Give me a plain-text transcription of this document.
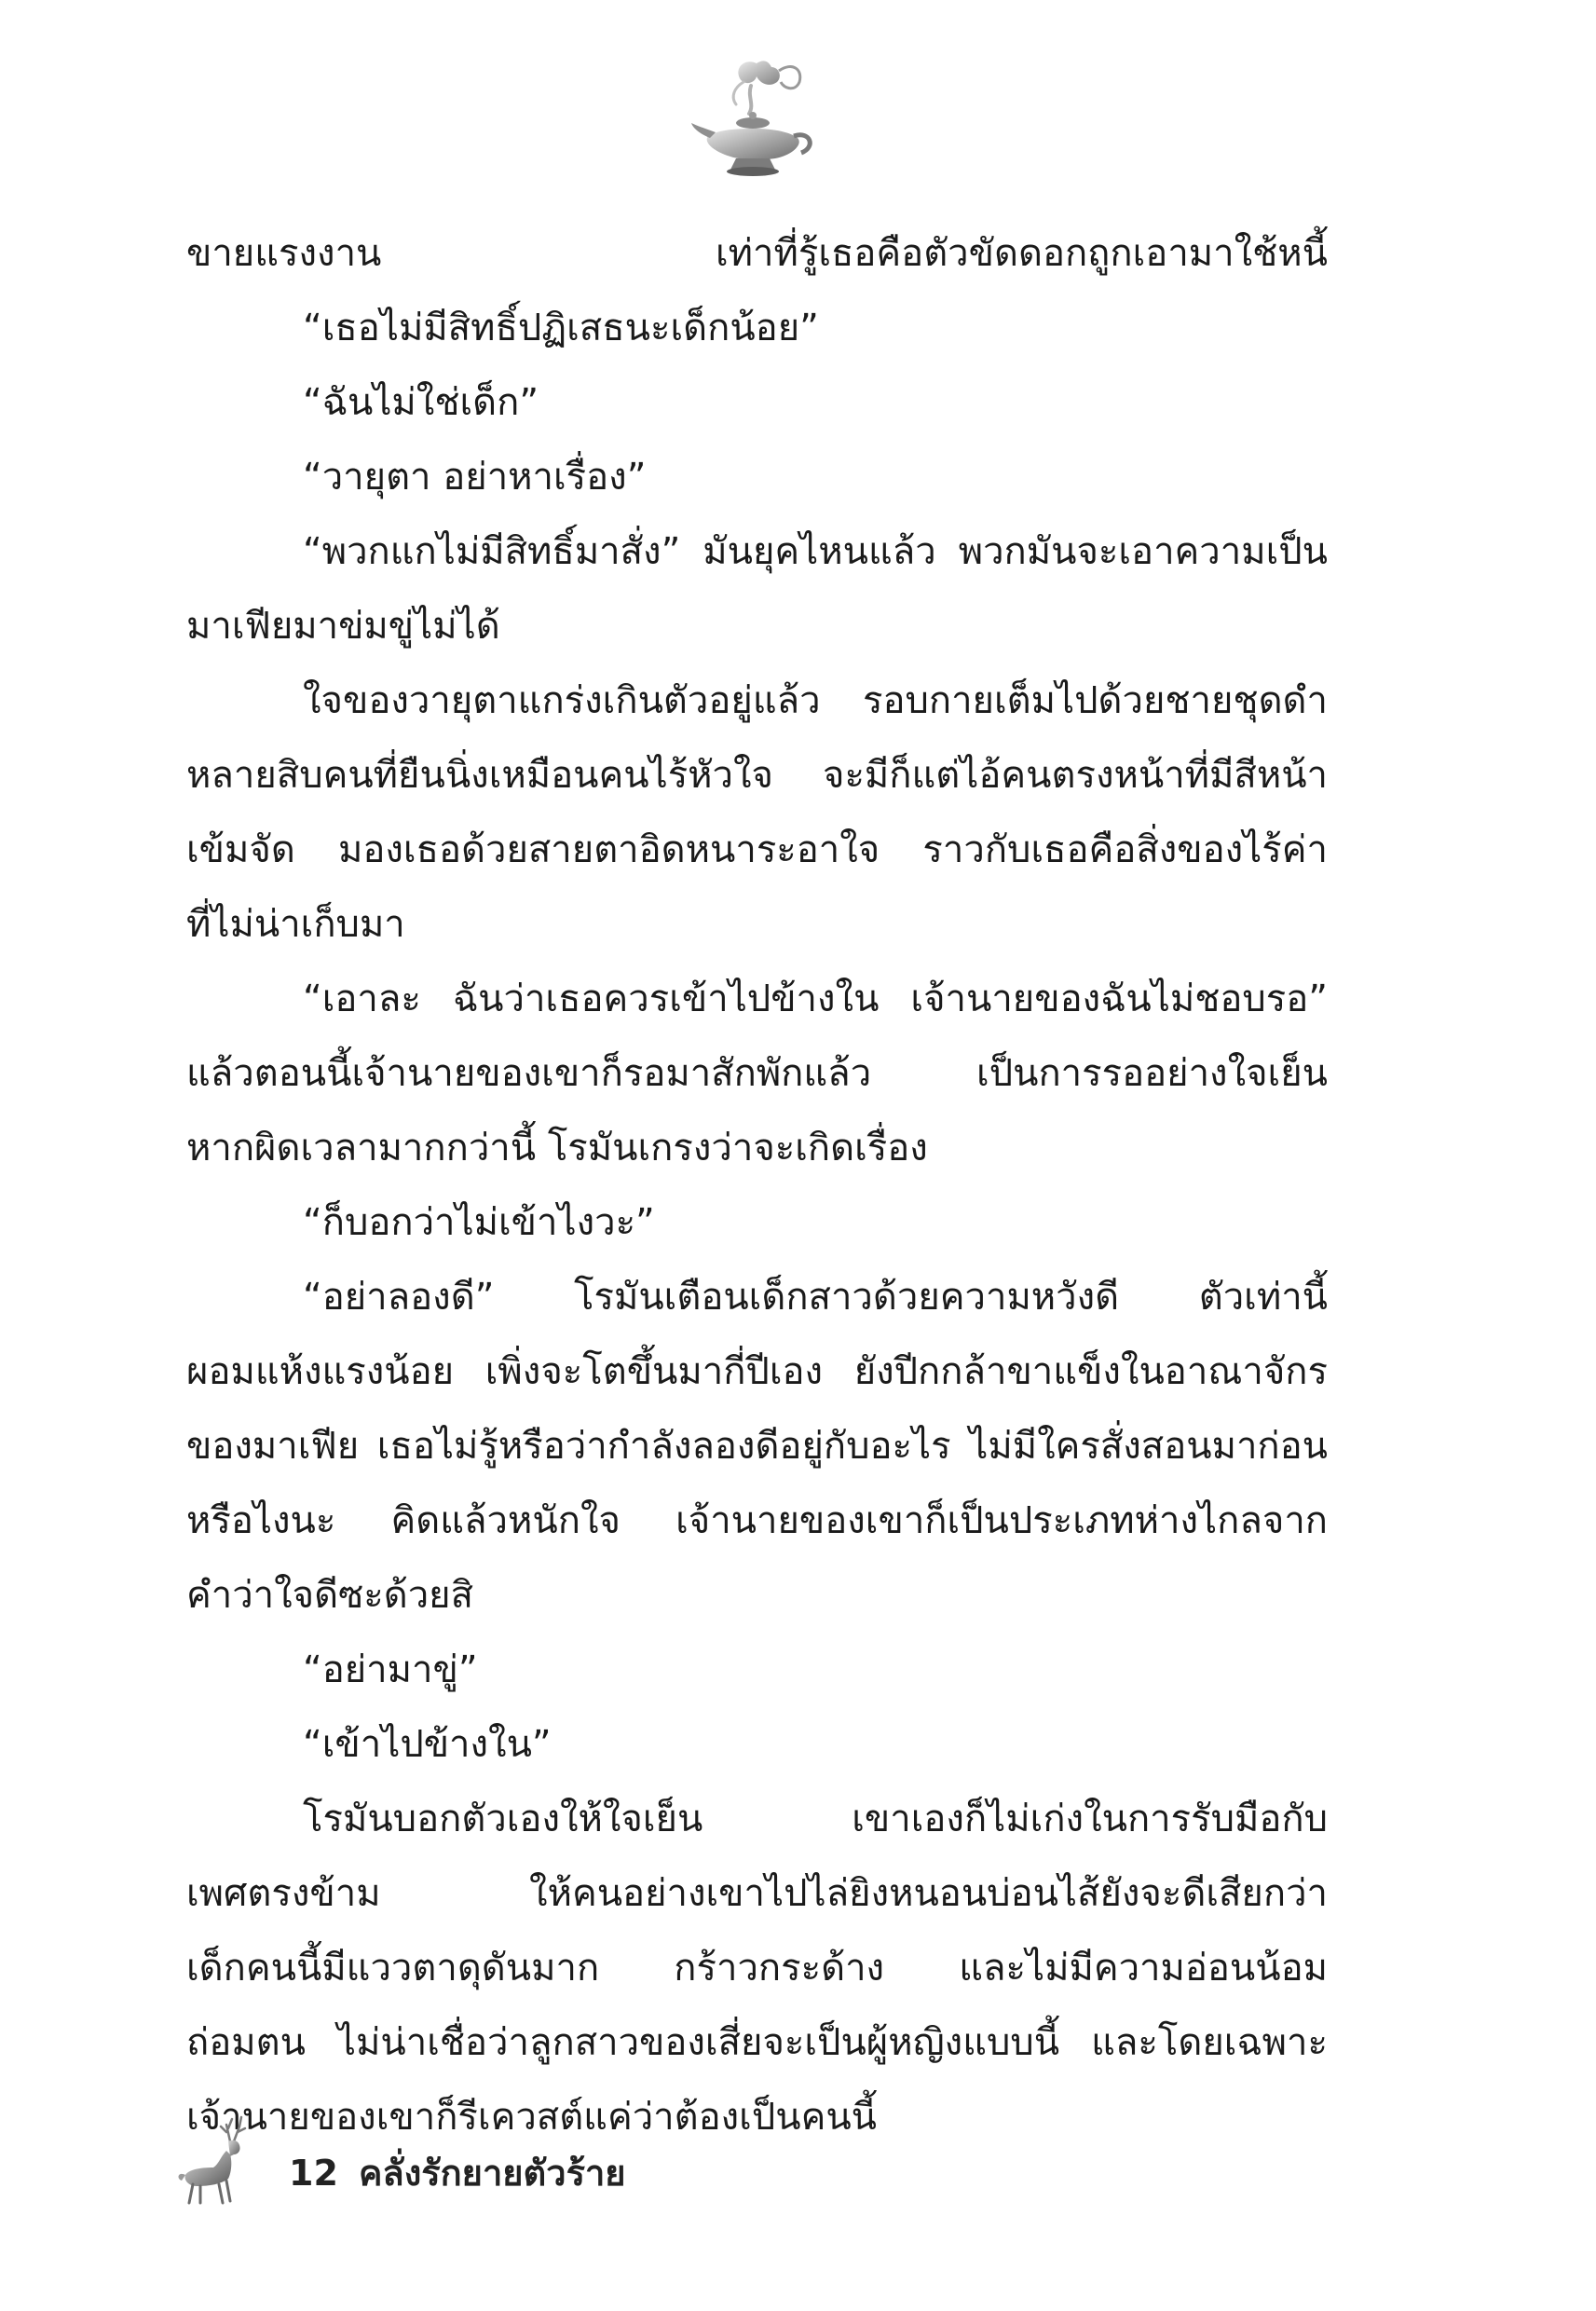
ขายแรงงาน เท่าที่รู้เธอคือตัวขัดดอกถูกเอามาใช้หนี้
“เธอไม่มีสิทธิ์ปฏิเสธนะเด็กน้อย”
“ฉันไม่ใช่เด็ก”
“วายุตา อย่าหาเรื่อง”
“พวกแกไม่มีสิทธิ์มาสั่ง” มันยุคไหนแล้ว พวกมันจะเอาความเป็น
มาเฟียมาข่มขู่ไม่ได้
ใจของวายุตาแกร่งเกินตัวอยู่แล้ว รอบกายเต็มไปด้วยชายชุดดำ
หลายสิบคนที่ยืนนิ่งเหมือนคนไร้หัวใจ จะมีก็แต่ไอ้คนตรงหน้าที่มีสีหน้า
เข้มจัด มองเธอด้วยสายตาอิดหนาระอาใจ ราวกับเธอคือสิ่งของไร้ค่า
ที่ไม่น่าเก็บมา
“เอาละ ฉันว่าเธอควรเข้าไปข้างใน เจ้านายของฉันไม่ชอบรอ”
แล้วตอนนี้เจ้านายของเขาก็รอมาสักพักแล้ว เป็นการรออย่างใจเย็น
หากผิดเวลามากกว่านี้ โรมันเกรงว่าจะเกิดเรื่อง
“ก็บอกว่าไม่เข้าไงวะ”
“อย่าลองดี” โรมันเตือนเด็กสาวด้วยความหวังดี ตัวเท่านี้
ผอมแห้งแรงน้อย เพิ่งจะโตขึ้นมากี่ปีเอง ยังปีกกล้าขาแข็งในอาณาจักร
ของมาเฟีย เธอไม่รู้หรือว่ากำลังลองดีอยู่กับอะไร ไม่มีใครสั่งสอนมาก่อน
หรือไงนะ คิดแล้วหนักใจ เจ้านายของเขาก็เป็นประเภทห่างไกลจาก
คำว่าใจดีซะด้วยสิ
“อย่ามาขู่”
“เข้าไปข้างใน”
โรมันบอกตัวเองให้ใจเย็น เขาเองก็ไม่เก่งในการรับมือกับ
เพศตรงข้าม ให้คนอย่างเขาไปไล่ยิงหนอนบ่อนไส้ยังจะดีเสียกว่า
เด็กคนนี้มีแววตาดุดันมาก กร้าวกระด้าง และไม่มีความอ่อนน้อม
ถ่อมตน ไม่น่าเชื่อว่าลูกสาวของเสี่ยจะเป็นผู้หญิงแบบนี้ และโดยเฉพาะ
เจ้านายของเขาก็รีเควสต์แค่ว่าต้องเป็นคนนี้
12 คลั่งรักยายตัวร้าย
